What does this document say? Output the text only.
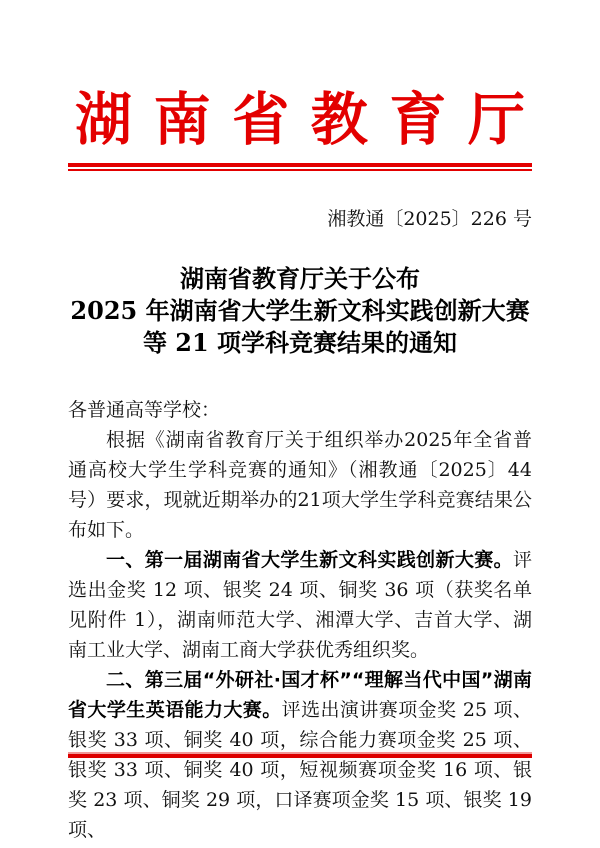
湖 南 省 教 育 厅
湘教通〔2025〕226 号
湖南省教育厅关于公布
2025 年湖南省大学生新文科实践创新大赛
等 21 项学科竞赛结果的通知

各普通高等学校：

根据《湖南省教育厅关于组织举办2025年全省普通高校大学生学科竞赛的通知》（湘教通〔2025〕44号）要求，现就近期举办的21项大学生学科竞赛结果公布如下。

一、第一届湖南省大学生新文科实践创新大赛。评选出金奖 12 项、银奖 24 项、铜奖 36 项（获奖名单见附件 1），湖南师范大学、湘潭大学、吉首大学、湖南工业大学、湖南工商大学获优秀组织奖。

二、第三届“外研社·国才杯”“理解当代中国”湖南省大学生英语能力大赛。评选出演讲赛项金奖 25 项、银奖 33 项、铜奖 40 项，综合能力赛项金奖 25 项、银奖 33 项、铜奖 40 项，短视频赛项金奖 16 项、银奖 23 项、铜奖 29 项，口译赛项金奖 15 项、银奖 19 项、
